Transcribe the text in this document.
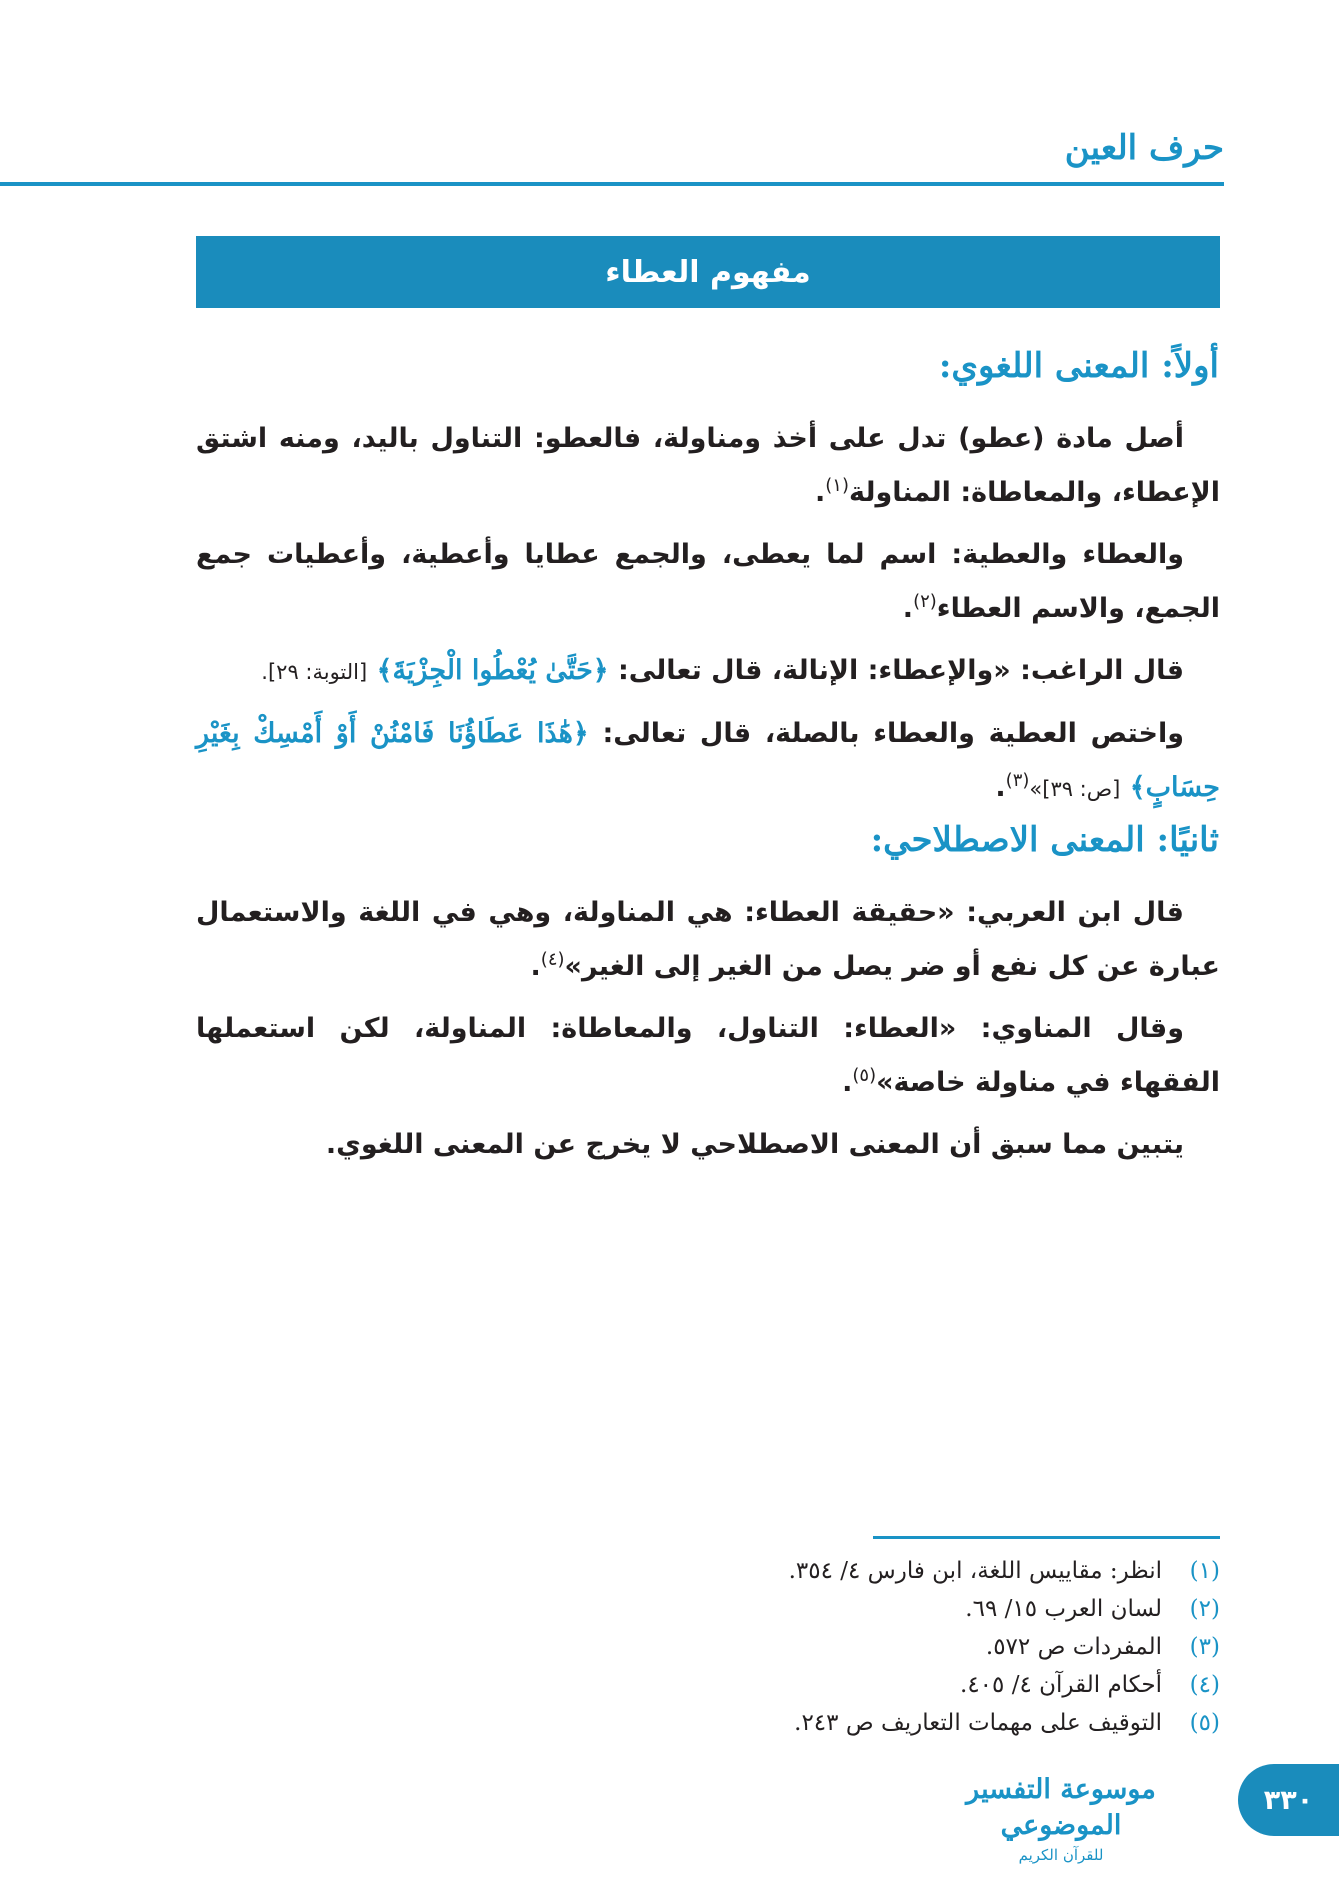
حرف العين
مفهوم العطاء
أولاً: المعنى اللغوي:

أصل مادة (عطو) تدل على أخذ ومناولة، فالعطو: التناول باليد، ومنه اشتق الإعطاء، والمعاطاة: المناولة$^{(١)}$.

والعطاء والعطية: اسم لما يعطى، والجمع عطايا وأعطية، وأعطيات جمع الجمع، والاسم العطاء$^{(٢)}$.

قال الراغب: «والإعطاء: الإنالة، قال تعالى: ﴿حَتَّىٰ يُعْطُوا الْجِزْيَةَ﴾ [التوبة: ٢٩].

واختص العطية والعطاء بالصلة، قال تعالى: ﴿هَٰذَا عَطَاؤُنَا فَامْنُنْ أَوْ أَمْسِكْ بِغَيْرِ حِسَابٍ﴾ [ص: ٣٩]»$^{(٣)}$.

ثانيًا: المعنى الاصطلاحي:

قال ابن العربي: «حقيقة العطاء: هي المناولة، وهي في اللغة والاستعمال عبارة عن كل نفع أو ضر يصل من الغير إلى الغير»$^{(٤)}$.

وقال المناوي: «العطاء: التناول، والمعاطاة: المناولة، لكن استعملها الفقهاء في مناولة خاصة»$^{(٥)}$.

يتبين مما سبق أن المعنى الاصطلاحي لا يخرج عن المعنى اللغوي.

(١)
انظر: مقاييس اللغة، ابن فارس ٤/ ٣٥٤.
(٢)
لسان العرب ١٥/ ٦٩.
(٣)
المفردات ص ٥٧٢.
(٤)
أحكام القرآن ٤/ ٤٠٥.
(٥)
التوقيف على مهمات التعاريف ص ٢٤٣.
موسوعة التفسير الموضوعي
للقرآن الكريم
٣٣٠
